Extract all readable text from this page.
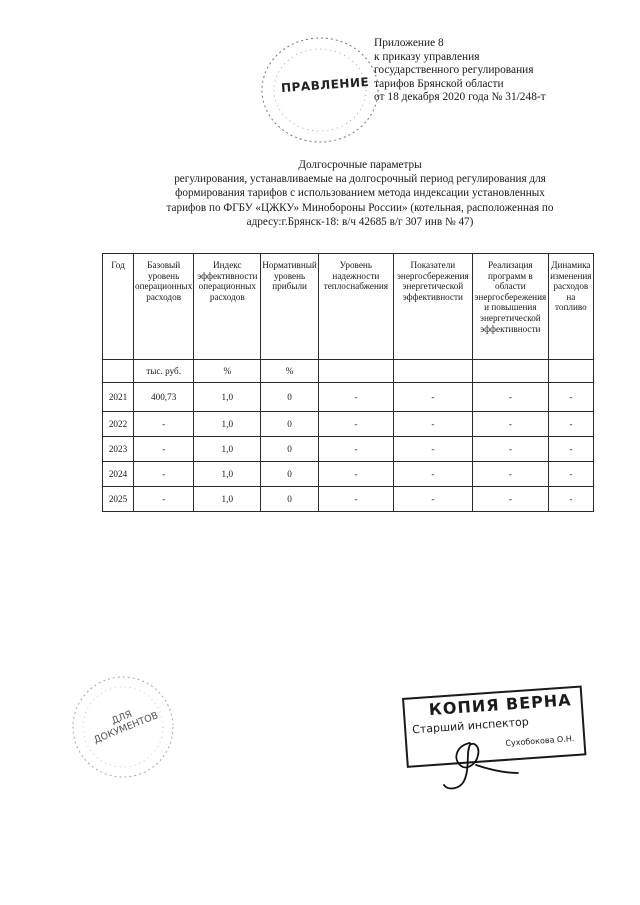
Приложение 8
к приказу управления
государственного регулирования
тарифов Брянской области
от 18 декабря 2020 года № 31/248-т
ПРАВЛЕНИЕ
Долгосрочные параметры
регулирования, устанавливаемые на долгосрочный период регулирования для
формирования тарифов с использованием метода индексации установленных
тарифов по ФГБУ «ЦЖКУ» Минобороны России» (котельная, расположенная по
адресу:г.Брянск-18: в/ч 42685 в/г 307 инв № 47)
Год	Базовый уровень операционных расходов	Индекс эффективности операционных расходов	Нормативный уровень прибыли	Уровень надежности теплоснабжения	Показатели энергосбережения энергетической эффективности	Реализация программ в области энергосбережения и повышения энергетической эффективности	Динамика изменения расходов на топливо
	тыс. руб.	%	%				
2021	400,73	1,0	0	-	-	-	-
2022	-	1,0	0	-	-	-	-
2023	-	1,0	0	-	-	-	-
2024	-	1,0	0	-	-	-	-
2025	-	1,0	0	-	-	-	-
ДЛЯ ДОКУМЕНТОВ
КОПИЯ ВЕРНА
Старший инспектор
Сухобокова О.Н.
